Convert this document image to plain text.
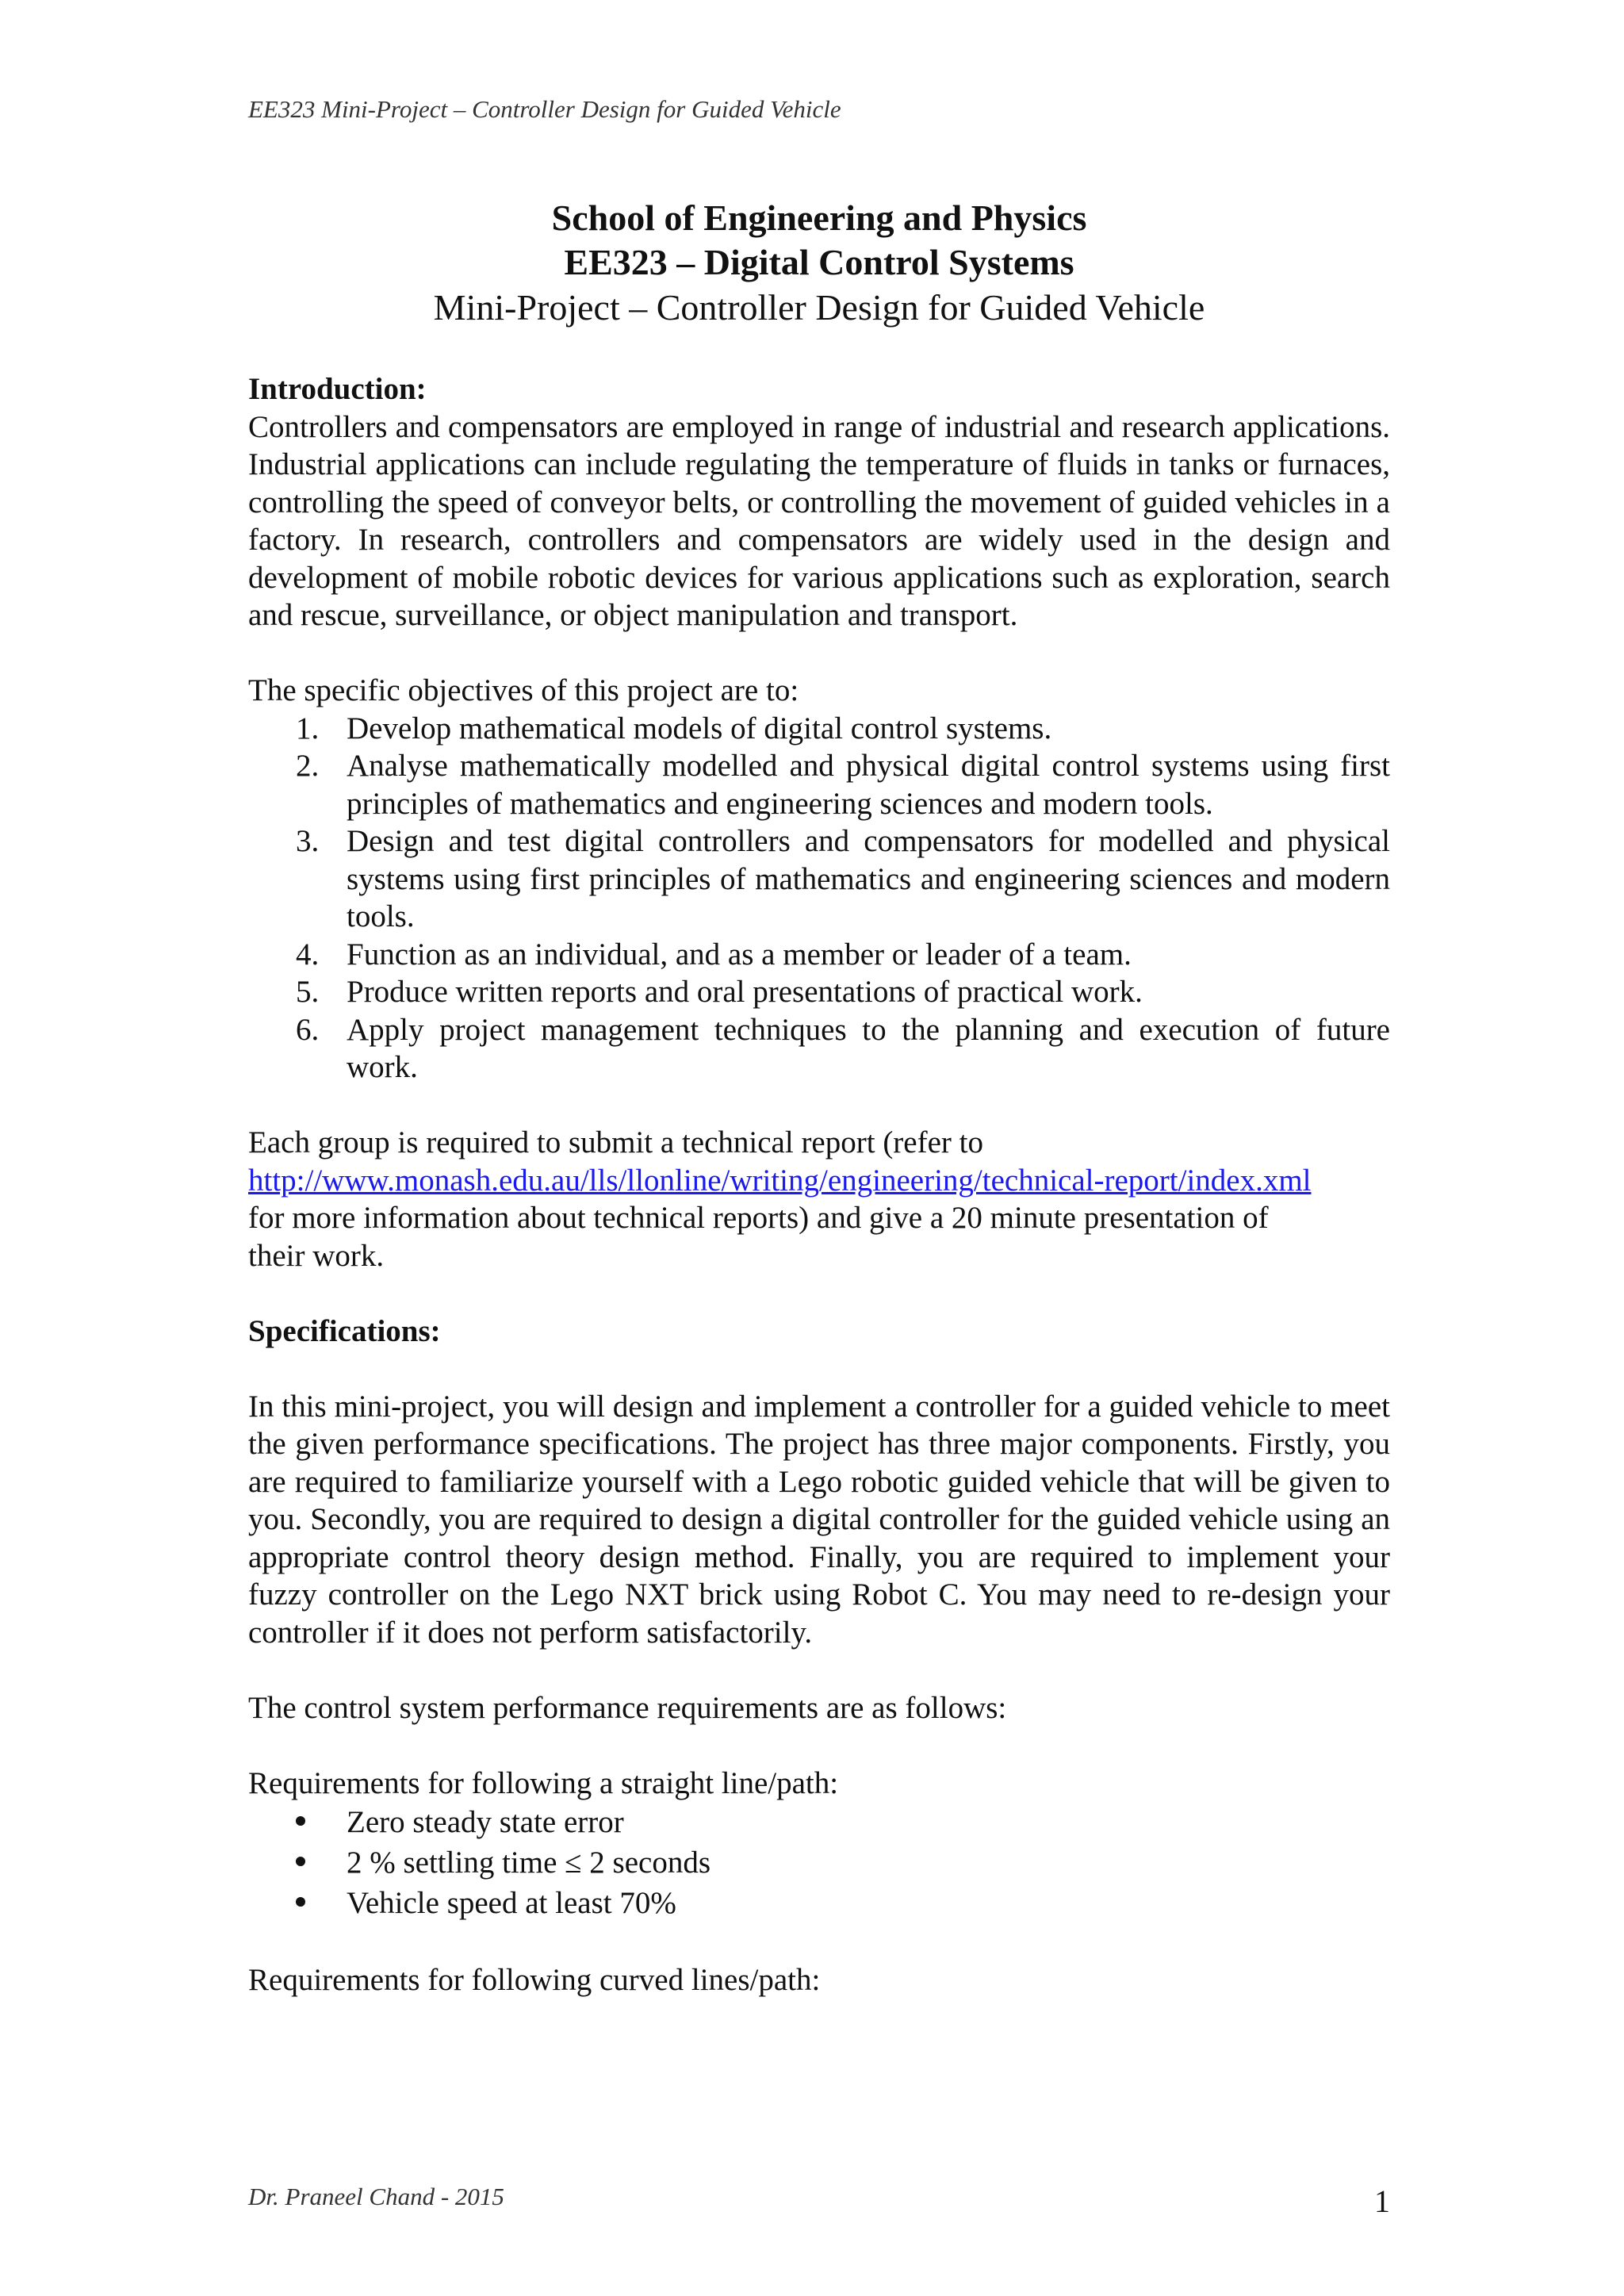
EE323 Mini-Project – Controller Design for Guided Vehicle
School of Engineering and Physics
EE323 – Digital Control Systems
Mini-Project – Controller Design for Guided Vehicle

Introduction:

Controllers and compensators are employed in range of industrial and research applications. Industrial applications can include regulating the temperature of fluids in tanks or furnaces, controlling the speed of conveyor belts, or controlling the movement of guided vehicles in a factory. In research, controllers and compensators are widely used in the design and development of mobile robotic devices for various applications such as exploration, search and rescue, surveillance, or object manipulation and transport.

The specific objectives of this project are to:

1. Develop mathematical models of digital control systems.
2. Analyse mathematically modelled and physical digital control systems using first principles of mathematics and engineering sciences and modern tools.
3. Design and test digital controllers and compensators for modelled and physical systems using first principles of mathematics and engineering sciences and modern tools.
4. Function as an individual, and as a member or leader of a team.
5. Produce written reports and oral presentations of practical work.
6. Apply project management techniques to the planning and execution of future work.

Each group is required to submit a technical report (refer to

http://www.monash.edu.au/lls/llonline/writing/engineering/technical-report/index.xml

for more information about technical reports) and give a 20 minute presentation of

their work.

Specifications:

In this mini-project, you will design and implement a controller for a guided vehicle to meet the given performance specifications. The project has three major components. Firstly, you are required to familiarize yourself with a Lego robotic guided vehicle that will be given to you. Secondly, you are required to design a digital controller for the guided vehicle using an appropriate control theory design method. Finally, you are required to implement your fuzzy controller on the Lego NXT brick using Robot C. You may need to re-design your controller if it does not perform satisfactorily.

The control system performance requirements are as follows:

Requirements for following a straight line/path:

Zero steady state error
2 % settling time ≤ 2 seconds
Vehicle speed at least 70%

Requirements for following curved lines/path:

Dr. Praneel Chand - 2015	1
